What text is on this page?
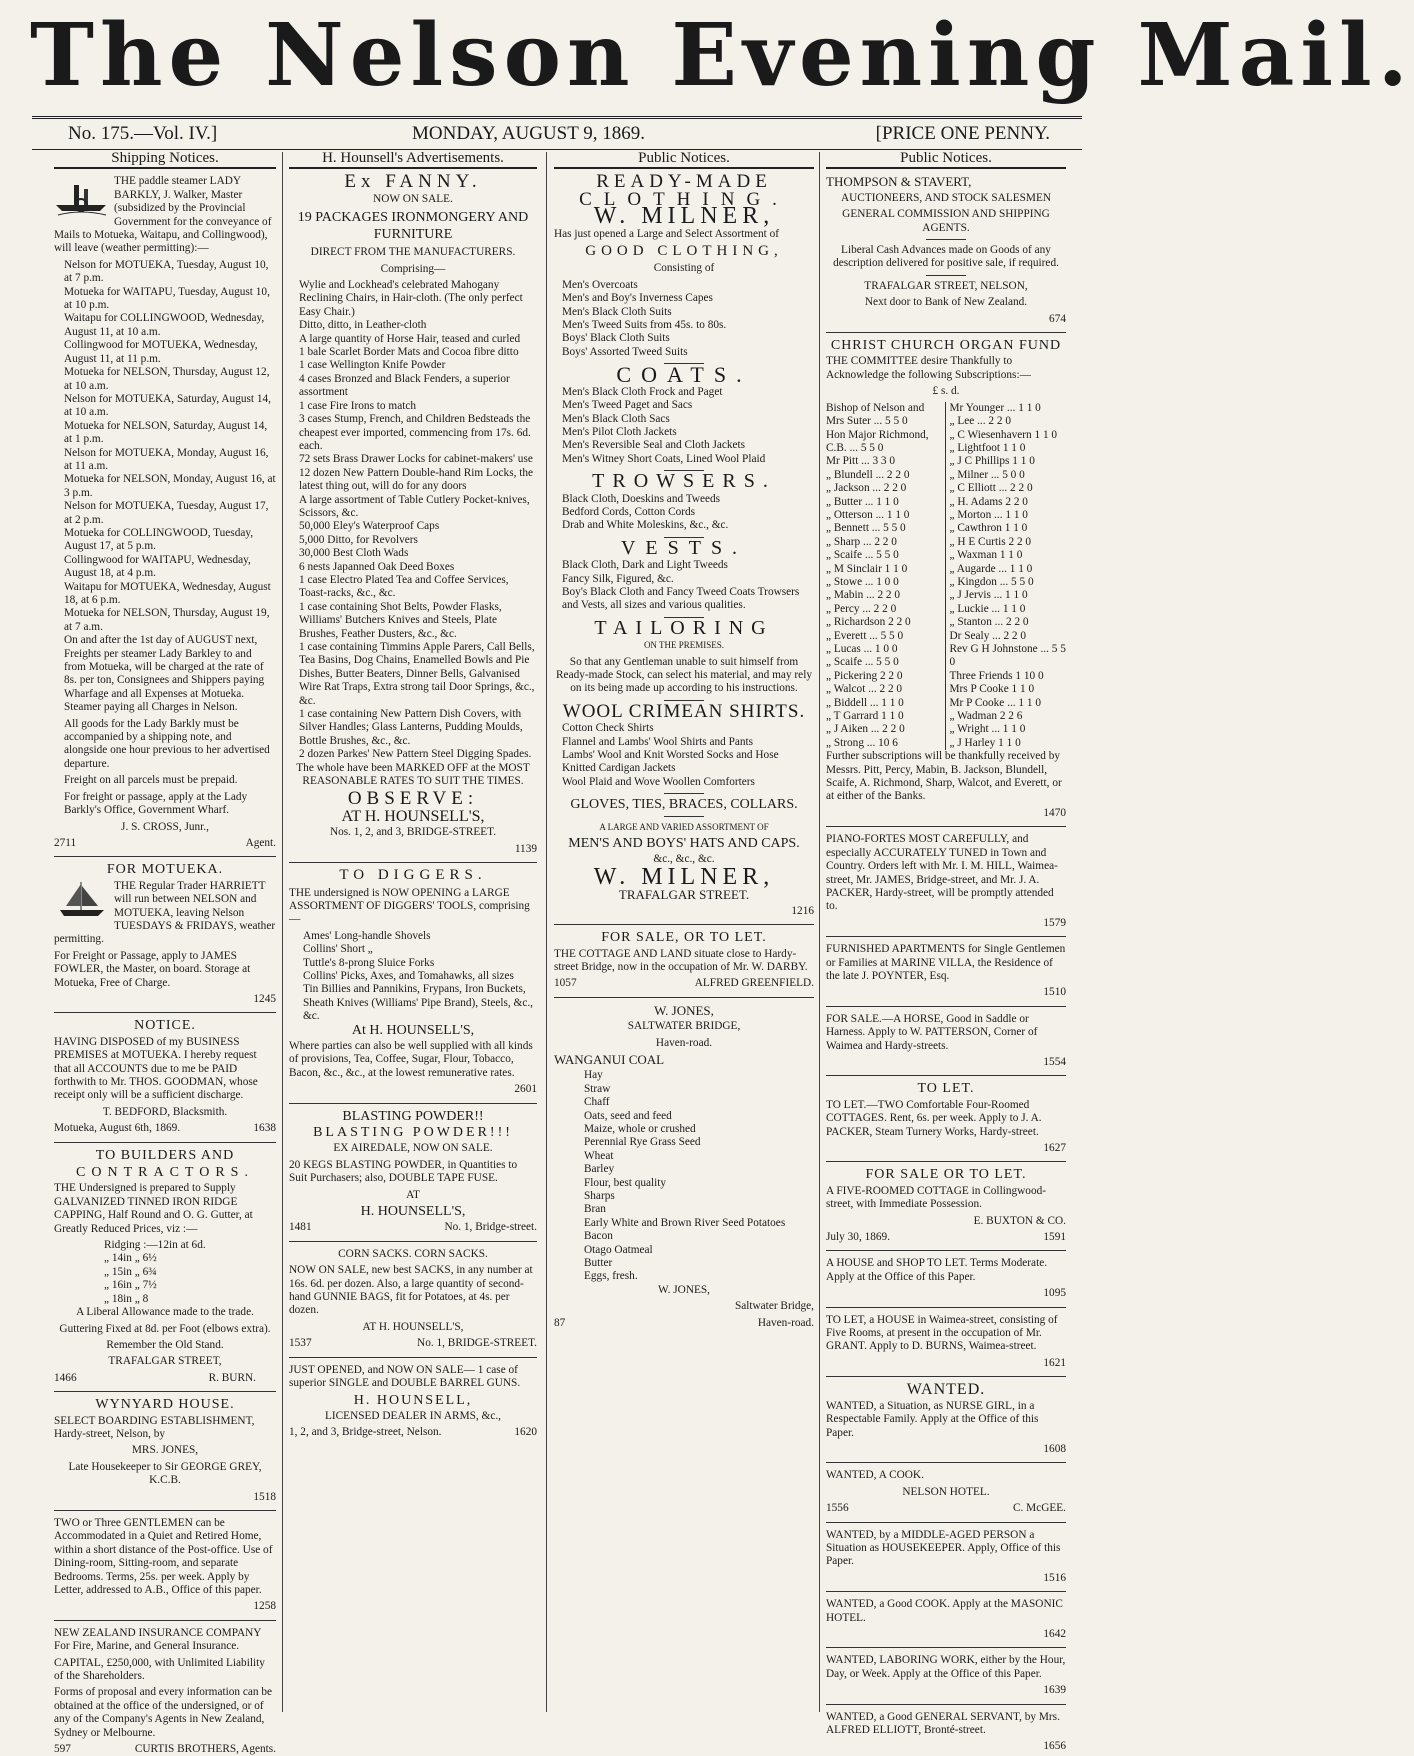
The Nelson Evening Mail.
No. 175.—Vol. IV.]	MONDAY, AUGUST 9, 1869.	[PRICE ONE PENNY.
Shipping Notices.

THE paddle steamer LADY BARKLY, J. Walker, Master (subsidized by the Provincial Government for the conveyance of Mails to Motueka, Waitapu, and Collingwood), will leave (weather permitting):—

Nelson for MOTUEKA, Tuesday, August 10, at 7 p.m.
Motueka for WAITAPU, Tuesday, August 10, at 10 p.m.
Waitapu for COLLINGWOOD, Wednesday, August 11, at 10 a.m.
Collingwood for MOTUEKA, Wednesday, August 11, at 11 p.m.
Motueka for NELSON, Thursday, August 12, at 10 a.m.
Nelson for MOTUEKA, Saturday, August 14, at 10 a.m.
Motueka for NELSON, Saturday, August 14, at 1 p.m.
Nelson for MOTUEKA, Monday, August 16, at 11 a.m.
Motueka for NELSON, Monday, August 16, at 3 p.m.
Nelson for MOTUEKA, Tuesday, August 17, at 2 p.m.
Motueka for COLLINGWOOD, Tuesday, August 17, at 5 p.m.
Collingwood for WAITAPU, Wednesday, August 18, at 4 p.m.
Waitapu for MOTUEKA, Wednesday, August 18, at 6 p.m.
Motueka for NELSON, Thursday, August 19, at 7 a.m.

On and after the 1st day of AUGUST next, Freights per steamer Lady Barkley to and from Motueka, will be charged at the rate of 8s. per ton, Consignees and Shippers paying Wharfage and all Expenses at Motueka. Steamer paying all Charges in Nelson.

All goods for the Lady Barkly must be accompanied by a shipping note, and alongside one hour previous to her advertised departure.

Freight on all parcels must be prepaid.

For freight or passage, apply at the Lady Barkly's Office, Government Wharf.

J. S. CROSS, Junr.,

2711	Agent.

FOR MOTUEKA.

THE Regular Trader HARRIETT will run between NELSON and MOTUEKA, leaving Nelson TUESDAYS & FRIDAYS, weather permitting.

For Freight or Passage, apply to JAMES FOWLER, the Master, on board. Storage at Motueka, Free of Charge.

1245

NOTICE.

HAVING DISPOSED of my BUSINESS PREMISES at MOTUEKA. I hereby request that all ACCOUNTS due to me be PAID forthwith to Mr. THOS. GOODMAN, whose receipt only will be a sufficient discharge.

T. BEDFORD, Blacksmith.

Motueka, August 6th, 1869.	1638

TO BUILDERS AND
CONTRACTORS.

THE Undersigned is prepared to Supply GALVANIZED TINNED IRON RIDGE CAPPING, Half Round and O. G. Gutter, at Greatly Reduced Prices, viz :—

Ridging :—12in at 6d.
„ 14in „ 6½
„ 15in „ 6¾
„ 16in „ 7½
„ 18in „ 8

A Liberal Allowance made to the trade.

Guttering Fixed at 8d. per Foot (elbows extra).

Remember the Old Stand.

TRAFALGAR STREET,

1466	R. BURN.

WYNYARD HOUSE.

SELECT BOARDING ESTABLISHMENT, Hardy-street, Nelson, by

MRS. JONES,

Late Housekeeper to Sir GEORGE GREY, K.C.B.

1518

TWO or Three GENTLEMEN can be Accommodated in a Quiet and Retired Home, within a short distance of the Post-office. Use of Dining-room, Sitting-room, and separate Bedrooms. Terms, 25s. per week. Apply by Letter, addressed to A.B., Office of this paper.

1258

NEW ZEALAND INSURANCE COMPANY For Fire, Marine, and General Insurance.

CAPITAL, £250,000, with Unlimited Liability of the Shareholders.

Forms of proposal and every information can be obtained at the office of the undersigned, or of any of the Company's Agents in New Zealand, Sydney or Melbourne.

597	CURTIS BROTHERS, Agents.

H. Hounsell's Advertisements.
Ex FANNY.

NOW ON SALE.

19 PACKAGES IRONMONGERY AND FURNITURE

DIRECT FROM THE MANUFACTURERS.

Comprising—

Wylie and Lockhead's celebrated Mahogany Reclining Chairs, in Hair-cloth. (The only perfect Easy Chair.)
Ditto, ditto, in Leather-cloth
A large quantity of Horse Hair, teased and curled
1 bale Scarlet Border Mats and Cocoa fibre ditto
1 case Wellington Knife Powder
4 cases Bronzed and Black Fenders, a superior assortment
1 case Fire Irons to match
3 cases Stump, French, and Children Bedsteads the cheapest ever imported, commencing from 17s. 6d. each.
72 sets Brass Drawer Locks for cabinet-makers' use
12 dozen New Pattern Double-hand Rim Locks, the latest thing out, will do for any doors
A large assortment of Table Cutlery Pocket-knives, Scissors, &c.
50,000 Eley's Waterproof Caps
5,000 Ditto, for Revolvers
30,000 Best Cloth Wads
6 nests Japanned Oak Deed Boxes
1 case Electro Plated Tea and Coffee Services, Toast-racks, &c., &c.
1 case containing Shot Belts, Powder Flasks, Williams' Butchers Knives and Steels, Plate Brushes, Feather Dusters, &c., &c.
1 case containing Timmins Apple Parers, Call Bells, Tea Basins, Dog Chains, Enamelled Bowls and Pie Dishes, Butter Beaters, Dinner Bells, Galvanised Wire Rat Traps, Extra strong tail Door Springs, &c., &c.
1 case containing New Pattern Dish Covers, with Silver Handles; Glass Lanterns, Pudding Moulds, Bottle Brushes, &c., &c.
2 dozen Parkes' New Pattern Steel Digging Spades.

The whole have been MARKED OFF at the MOST REASONABLE RATES TO SUIT THE TIMES.

OBSERVE:

AT H. HOUNSELL'S,

Nos. 1, 2, and 3, BRIDGE-STREET.

1139

TO DIGGERS.

THE undersigned is NOW OPENING a LARGE ASSORTMENT OF DIGGERS' TOOLS, comprising—

Ames' Long-handle Shovels
Collins' Short „
Tuttle's 8-prong Sluice Forks
Collins' Picks, Axes, and Tomahawks, all sizes
Tin Billies and Pannikins, Frypans, Iron Buckets, Sheath Knives (Williams' Pipe Brand), Steels, &c., &c.

At H. HOUNSELL'S,

Where parties can also be well supplied with all kinds of provisions, Tea, Coffee, Sugar, Flour, Tobacco, Bacon, &c., &c., at the lowest remunerative rates.

2601

BLASTING POWDER!!

BLASTING POWDER!!!

EX AIREDALE, NOW ON SALE.

20 KEGS BLASTING POWDER, in Quantities to Suit Purchasers; also, DOUBLE TAPE FUSE.

AT

H. HOUNSELL'S,

1481	No. 1, Bridge-street.

CORN SACKS. CORN SACKS.

NOW ON SALE, new best SACKS, in any number at 16s. 6d. per dozen. Also, a large quantity of second-hand GUNNIE BAGS, fit for Potatoes, at 4s. per dozen.

AT H. HOUNSELL'S,

1537	No. 1, BRIDGE-STREET.

JUST OPENED, and NOW ON SALE— 1 case of superior SINGLE and DOUBLE BARREL GUNS.

H. HOUNSELL,

LICENSED DEALER IN ARMS, &c.,

1, 2, and 3, Bridge-street, Nelson.	1620

Public Notices.
READY-MADE
CLOTHING.
W. MILNER,

Has just opened a Large and Select Assortment of

GOOD CLOTHING,

Consisting of

Men's Overcoats
Men's and Boy's Inverness Capes
Men's Black Cloth Suits
Men's Tweed Suits from 45s. to 80s.
Boys' Black Cloth Suits
Boys' Assorted Tweed Suits
COATS.
Men's Black Cloth Frock and Paget
Men's Tweed Paget and Sacs
Men's Black Cloth Sacs
Men's Pilot Cloth Jackets
Men's Reversible Seal and Cloth Jackets
Men's Witney Short Coats, Lined Wool Plaid
TROWSERS.
Black Cloth, Doeskins and Tweeds
Bedford Cords, Cotton Cords
Drab and White Moleskins, &c., &c.
VESTS.
Black Cloth, Dark and Light Tweeds
Fancy Silk, Figured, &c.
Boy's Black Cloth and Fancy Tweed Coats Trowsers and Vests, all sizes and various qualities.
TAILORING

ON THE PREMISES.

So that any Gentleman unable to suit himself from Ready-made Stock, can select his material, and may rely on its being made up according to his instructions.

WOOL CRIMEAN SHIRTS.
Cotton Check Shirts
Flannel and Lambs' Wool Shirts and Pants
Lambs' Wool and Knit Worsted Socks and Hose
Knitted Cardigan Jackets
Wool Plaid and Wove Woollen Comforters

GLOVES, TIES, BRACES, COLLARS.

A LARGE AND VARIED ASSORTMENT OF

MEN'S AND BOYS' HATS AND CAPS.

&c., &c., &c.

W. MILNER,

TRAFALGAR STREET.

1216

FOR SALE, OR TO LET.

THE COTTAGE AND LAND situate close to Hardy-street Bridge, now in the occupation of Mr. W. DARBY.

1057	ALFRED GREENFIELD.

W. JONES,

SALTWATER BRIDGE,

Haven-road.

WANGANUI COAL

Hay
Straw
Chaff
Oats, seed and feed
Maize, whole or crushed
Perennial Rye Grass Seed
Wheat
Barley
Flour, best quality
Sharps
Bran
Early White and Brown River Seed Potatoes
Bacon
Otago Oatmeal
Butter
Eggs, fresh.

W. JONES,

Saltwater Bridge,

87	Haven-road.

Public Notices.

THOMPSON & STAVERT,

AUCTIONEERS, AND STOCK SALESMEN

GENERAL COMMISSION AND SHIPPING AGENTS.

Liberal Cash Advances made on Goods of any description delivered for positive sale, if required.

TRAFALGAR STREET, NELSON,

Next door to Bank of New Zealand.

674

CHRIST CHURCH ORGAN FUND

THE COMMITTEE desire Thankfully to Acknowledge the following Subscriptions:—

£ s. d.

Bishop of Nelson and Mrs Suter ... 5 5 0
Hon Major Richmond, C.B. ... 5 5 0
Mr Pitt ... 3 3 0
„ Blundell ... 2 2 0
„ Jackson ... 2 2 0
„ Butter ... 1 1 0
„ Otterson ... 1 1 0
„ Bennett ... 5 5 0
„ Sharp ... 2 2 0
„ Scaife ... 5 5 0
„ M Sinclair 1 1 0
„ Stowe ... 1 0 0
„ Mabin ... 2 2 0
„ Percy ... 2 2 0
„ Richardson 2 2 0
„ Everett ... 5 5 0
„ Lucas ... 1 0 0
„ Scaife ... 5 5 0
„ Pickering 2 2 0
„ Walcot ... 2 2 0
„ Biddell ... 1 1 0
„ T Garrard 1 1 0
„ J Aiken ... 2 2 0
„ Strong ... 10 6
Mr Younger ... 1 1 0
„ Lee ... 2 2 0
„ C Wiesenhavern 1 1 0
„ Lightfoot 1 1 0
„ J C Phillips 1 1 0
„ Milner ... 5 0 0
„ C Elliott ... 2 2 0
„ H. Adams 2 2 0
„ Morton ... 1 1 0
„ Cawthron 1 1 0
„ H E Curtis 2 2 0
„ Waxman 1 1 0
„ Augarde ... 1 1 0
„ Kingdon ... 5 5 0
„ J Jervis ... 1 1 0
„ Luckie ... 1 1 0
„ Stanton ... 2 2 0
Dr Sealy ... 2 2 0
Rev G H Johnstone ... 5 5 0
Three Friends 1 10 0
Mrs P Cooke 1 1 0
Mr P Cooke ... 1 1 0
„ Wadman 2 2 6
„ Wright ... 1 1 0
„ J Harley 1 1 0

Further subscriptions will be thankfully received by Messrs. Pitt, Percy, Mabin, B. Jackson, Blundell, Scaife, A. Richmond, Sharp, Walcot, and Everett, or at either of the Banks.

1470

PIANO-FORTES MOST CAREFULLY, and especially ACCURATELY TUNED in Town and Country. Orders left with Mr. I. M. HILL, Waimea-street, Mr. JAMES, Bridge-street, and Mr. J. A. PACKER, Hardy-street, will be promptly attended to.

1579

FURNISHED APARTMENTS for Single Gentlemen or Families at MARINE VILLA, the Residence of the late J. POYNTER, Esq.

1510

FOR SALE.—A HORSE, Good in Saddle or Harness. Apply to W. PATTERSON, Corner of Waimea and Hardy-streets.

1554

TO LET.

TO LET.—TWO Comfortable Four-Roomed COTTAGES. Rent, 6s. per week. Apply to J. A. PACKER, Steam Turnery Works, Hardy-street.

1627

FOR SALE OR TO LET.

A FIVE-ROOMED COTTAGE in Collingwood-street, with Immediate Possession.

E. BUXTON & CO.

July 30, 1869.	1591

A HOUSE and SHOP TO LET. Terms Moderate. Apply at the Office of this Paper.

1095

TO LET, a HOUSE in Waimea-street, consisting of Five Rooms, at present in the occupation of Mr. GRANT. Apply to D. BURNS, Waimea-street.

1621

WANTED.

WANTED, a Situation, as NURSE GIRL, in a Respectable Family. Apply at the Office of this Paper.

1608

WANTED, A COOK.

NELSON HOTEL.

1556	C. McGEE.

WANTED, by a MIDDLE-AGED PERSON a Situation as HOUSEKEEPER. Apply, Office of this Paper.

1516

WANTED, a Good COOK. Apply at the MASONIC HOTEL.

1642

WANTED, LABORING WORK, either by the Hour, Day, or Week. Apply at the Office of this Paper.

1639

WANTED, a Good GENERAL SERVANT, by Mrs. ALFRED ELLIOTT, Bronté-street.

1656
